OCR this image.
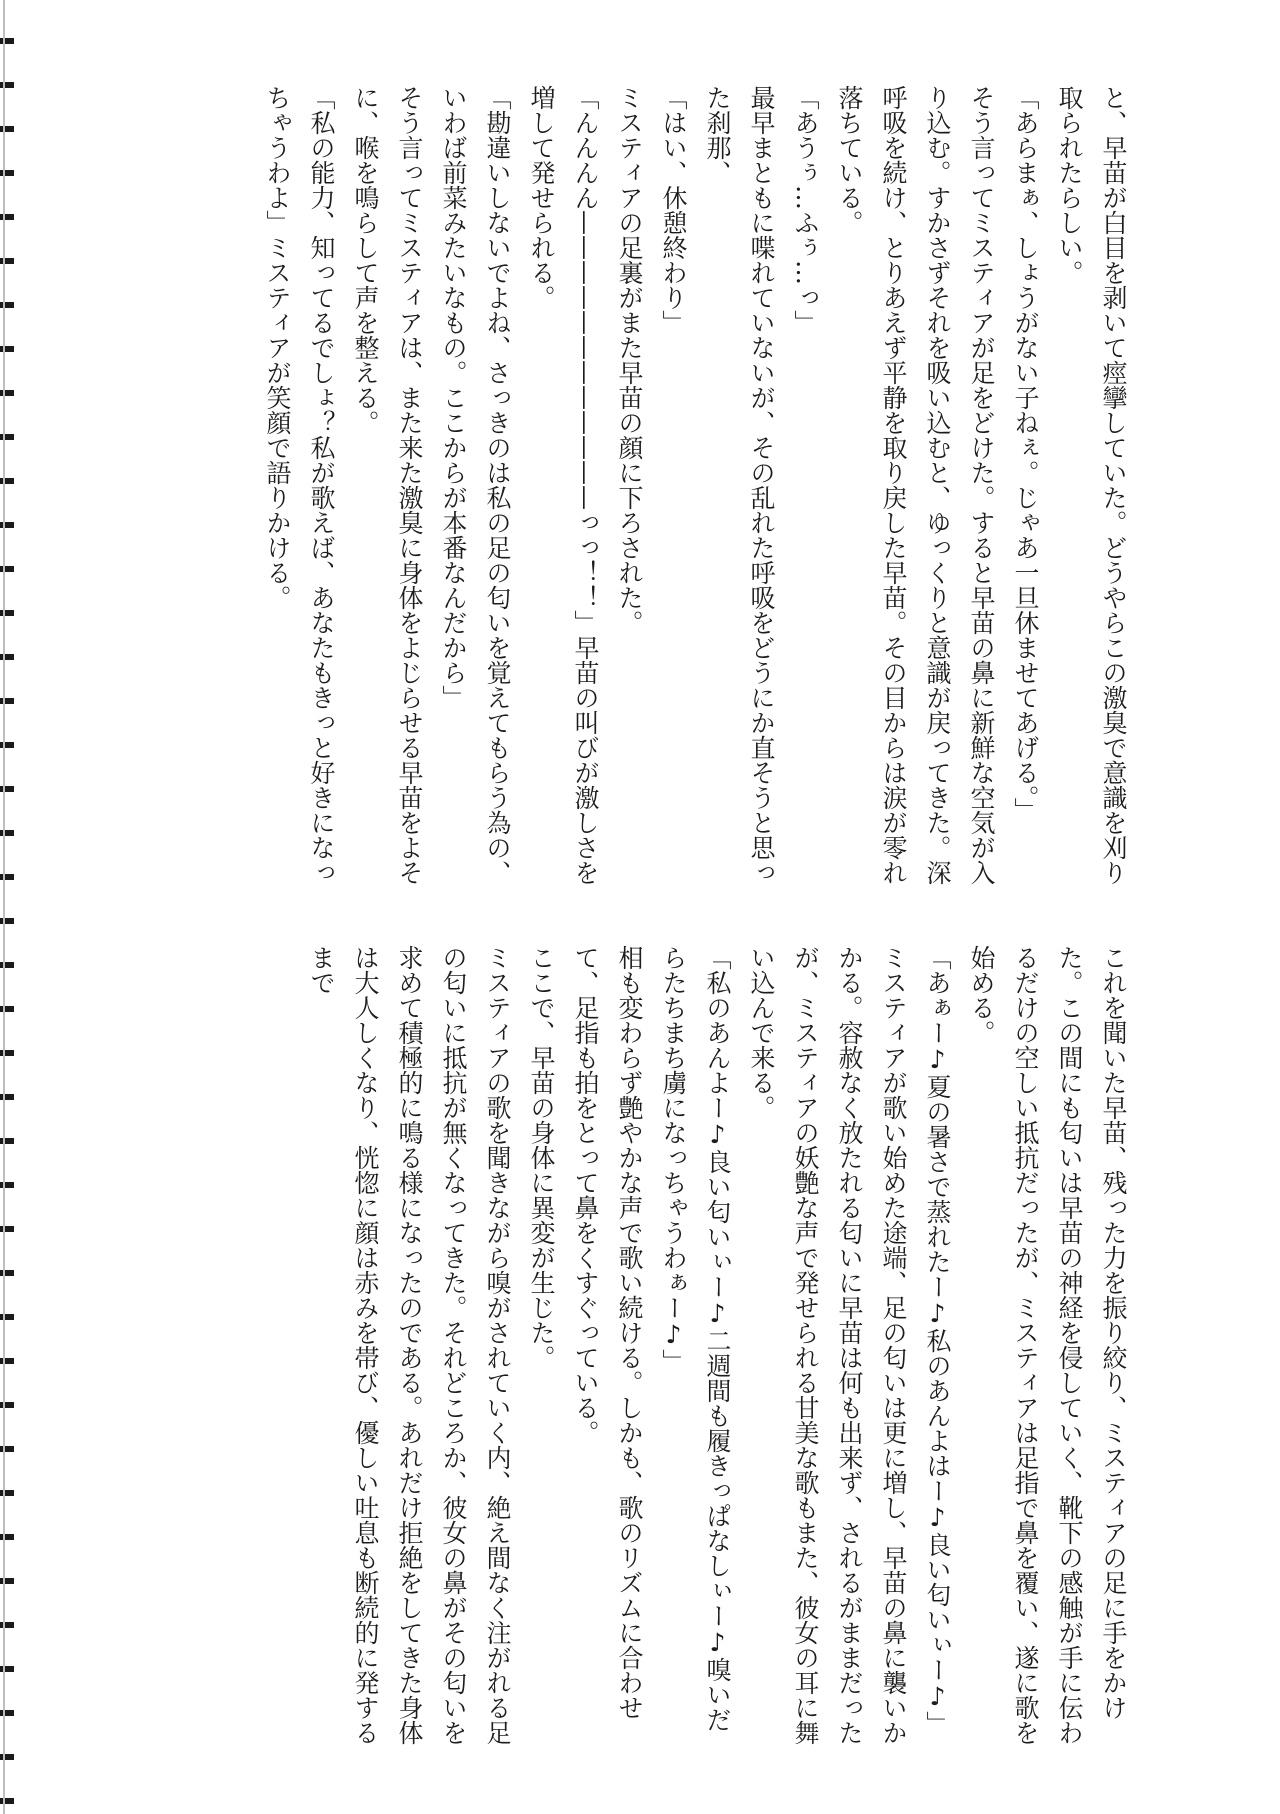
と、早苗が白目を剥いて痙攣していた。どうやらこの激臭で意識を刈り取られたらしい。
「あらまぁ、しょうがない子ねぇ。じゃあ一旦休ませてあげる。」
そう言ってミスティアが足をどけた。すると早苗の鼻に新鮮な空気が入り込む。すかさずそれを吸い込むと、ゆっくりと意識が戻ってきた。深呼吸を続け、とりあえず平静を取り戻した早苗。その目からは涙が零れ落ちている。
「あうぅ…ふぅ…っ」
最早まともに喋れていないが、その乱れた呼吸をどうにか直そうと思った刹那、
「はい、休憩終わり」
ミスティアの足裏がまた早苗の顔に下ろされた。
「んんんん————————————っっ！！」早苗の叫びが激しさを増して発せられる。
「勘違いしないでよね、さっきのは私の足の匂いを覚えてもらう為の、いわば前菜みたいなもの。ここからが本番なんだから」
そう言ってミスティアは、また来た激臭に身体をよじらせる早苗をよそに、喉を鳴らして声を整える。
「私の能力、知ってるでしょ？私が歌えば、あなたもきっと好きになっちゃうわよ」ミスティアが笑顔で語りかける。
これを聞いた早苗、残った力を振り絞り、ミスティアの足に手をかけた。この間にも匂いは早苗の神経を侵していく、靴下の感触が手に伝わるだけの空しい抵抗だったが、ミスティアは足指で鼻を覆い、遂に歌を始める。
「あぁー♪夏の暑さで蒸れたー♪私のあんよはー♪良い匂いぃー♪」
ミスティアが歌い始めた途端、足の匂いは更に増し、早苗の鼻に襲いかかる。容赦なく放たれる匂いに早苗は何も出来ず、されるがままだったが、ミスティアの妖艶な声で発せられる甘美な歌もまた、彼女の耳に舞い込んで来る。
「私のあんよー♪良い匂いぃー♪二週間も履きっぱなしぃー♪嗅いだらたちまち虜になっちゃうわぁー♪」
相も変わらず艶やかな声で歌い続ける。しかも、歌のリズムに合わせて、足指も拍をとって鼻をくすぐっている。
ここで、早苗の身体に異変が生じた。
ミスティアの歌を聞きながら嗅がされていく内、絶え間なく注がれる足の匂いに抵抗が無くなってきた。それどころか、彼女の鼻がその匂いを求めて積極的に鳴る様になったのである。あれだけ拒絶をしてきた身体は大人しくなり、恍惚に顔は赤みを帯び、優しい吐息も断続的に発するまで
